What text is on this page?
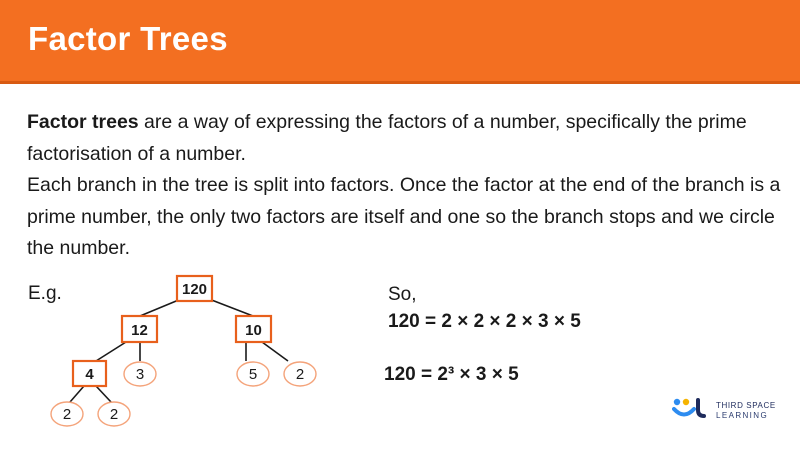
Factor Trees

Factor trees are a way of expressing the factors of a number, specifically the prime factorisation of a number.

Each branch in the tree is split into factors. Once the factor at the end of the branch is a prime number, the only two factors are itself and one so the branch stops and we circle the number.

E.g.	120
12	10
4	3	5	2
2	2
So,
120 = 2 × 2 × 2 × 3 × 5
120 = 2³ × 3 × 5
THIRD SPACE
LEARNING
